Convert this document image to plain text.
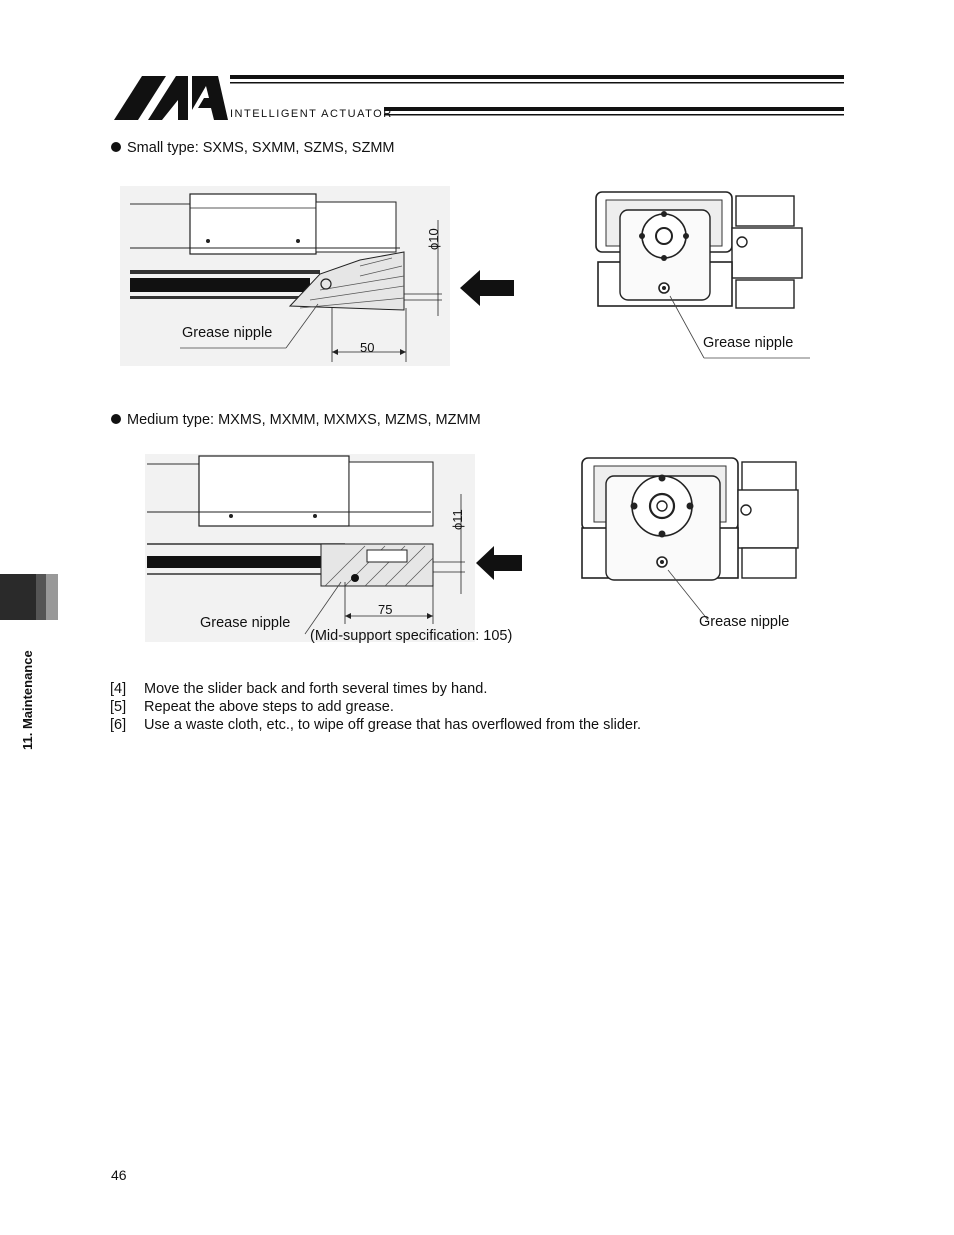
INTELLIGENT ACTUATOR
Small type: SXMS, SXMM, SZMS, SZMM
50
ϕ10
Grease nipple
Grease nipple
Medium type: MXMS, MXMM, MXMXS, MZMS, MZMM
75
ϕ11
Grease nipple
(Mid-support specification: 105)
Grease nipple
[4] Move the slider back and forth several times by hand.
[5] Repeat the above steps to add grease.
[6] Use a waste cloth, etc., to wipe off grease that has overflowed from the slider.
11. Maintenance
46
